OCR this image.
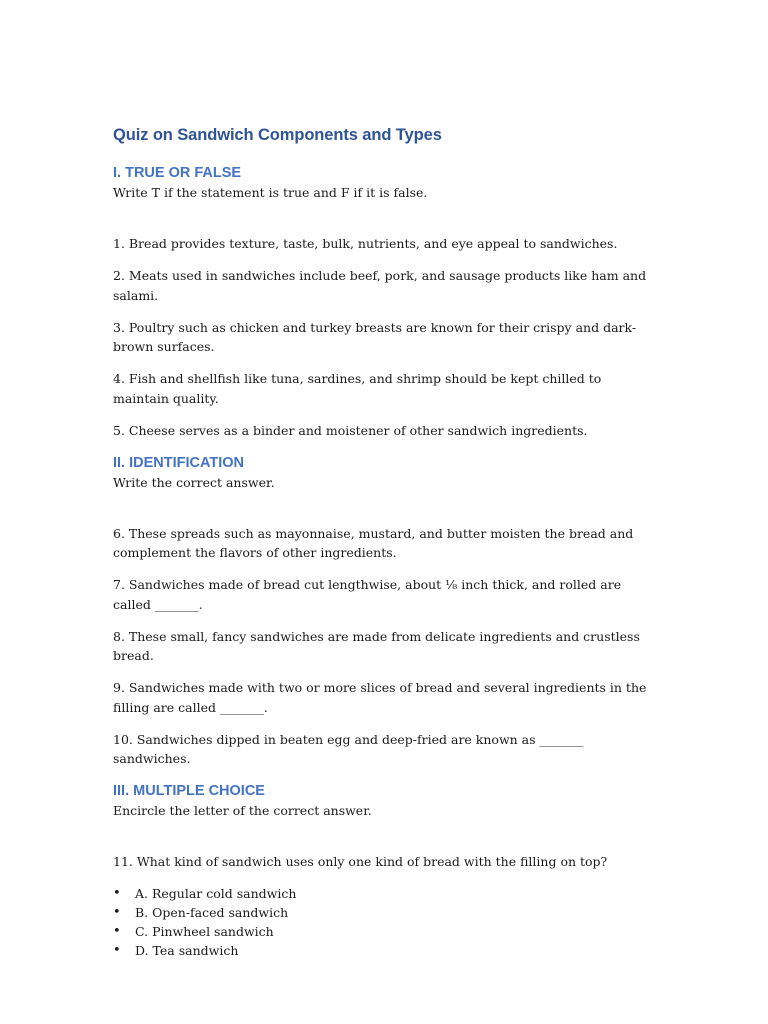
Quiz on Sandwich Components and Types
I. TRUE OR FALSE

Write T if the statement is true and F if it is false.

1. Bread provides texture, taste, bulk, nutrients, and eye appeal to sandwiches.

2. Meats used in sandwiches include beef, pork, and sausage products like ham and salami.

3. Poultry such as chicken and turkey breasts are known for their crispy and dark-brown surfaces.

4. Fish and shellfish like tuna, sardines, and shrimp should be kept chilled to maintain quality.

5. Cheese serves as a binder and moistener of other sandwich ingredients.

II. IDENTIFICATION

Write the correct answer.

6. These spreads such as mayonnaise, mustard, and butter moisten the bread and complement the flavors of other ingredients.

7. Sandwiches made of bread cut lengthwise, about ⅛ inch thick, and rolled are called _______.

8. These small, fancy sandwiches are made from delicate ingredients and crustless bread.

9. Sandwiches made with two or more slices of bread and several ingredients in the filling are called _______.

10. Sandwiches dipped in beaten egg and deep-fried are known as _______ sandwiches.

III. MULTIPLE CHOICE

Encircle the letter of the correct answer.

11. What kind of sandwich uses only one kind of bread with the filling on top?

• A. Regular cold sandwich
• B. Open-faced sandwich
• C. Pinwheel sandwich
• D. Tea sandwich
